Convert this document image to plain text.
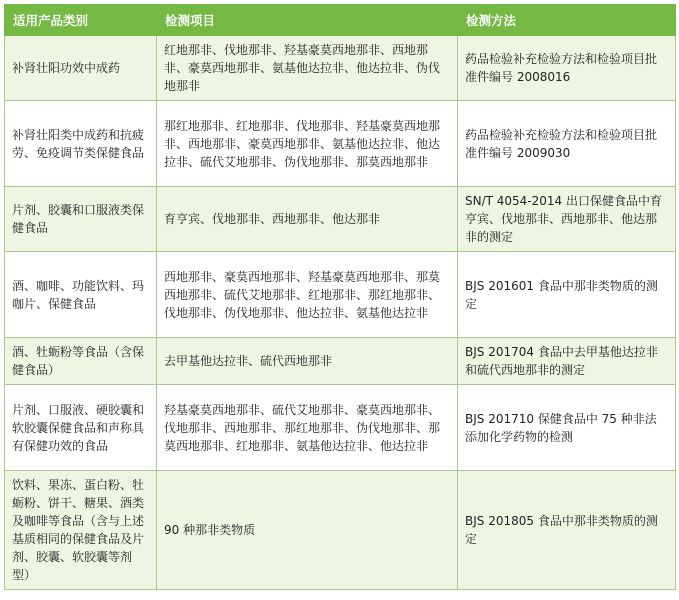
适用产品类别	检测项目	检测方法
补肾壮阳功效中成药	红地那非、伐地那非、羟基豪莫西地那非、西地那非、豪莫西地那非、氨基他达拉非、他达拉非、伪伐地那非	药品检验补充检验方法和检验项目批准件编号 2008016
补肾壮阳类中成药和抗疲劳、免疫调节类保健食品	那红地那非、红地那非、伐地那非、羟基豪莫西地那非、西地那非、豪莫西地那非、氨基他达拉非、他达拉非、硫代艾地那非、伪伐地那非、那莫西地那非	药品检验补充检验方法和检验项目批准件编号 2009030
片剂、胶囊和口服液类保健食品	育亨宾、伐地那非、西地那非、他达那非	SN/T 4054-2014 出口保健食品中育亨宾、伐地那非、西地那非、他达那非的测定
酒、咖啡、功能饮料、玛咖片、保健食品	西地那非、豪莫西地那非、羟基豪莫西地那非、那莫西地那非、硫代艾地那非、红地那非、那红地那非、伐地那非、伪伐地那非、他达拉非、氨基他达拉非	BJS 201601 食品中那非类物质的测定
酒、牡蛎粉等食品（含保健食品）	去甲基他达拉非、硫代西地那非	BJS 201704 食品中去甲基他达拉非和硫代西地那非的测定
片剂、口服液、硬胶囊和软胶囊保健食品和声称具有保健功效的食品	羟基豪莫西地那非、硫代艾地那非、豪莫西地那非、伐地那非、西地那非、那红地那非、伪伐地那非、那莫西地那非、红地那非、氨基他达拉非、他达拉非	BJS 201710 保健食品中 75 种非法添加化学药物的检测
饮料、果冻、蛋白粉、牡蛎粉、饼干、糖果、酒类及咖啡等食品（含与上述基质相同的保健食品及片剂、胶囊、软胶囊等剂型）	90 种那非类物质	BJS 201805 食品中那非类物质的测定
